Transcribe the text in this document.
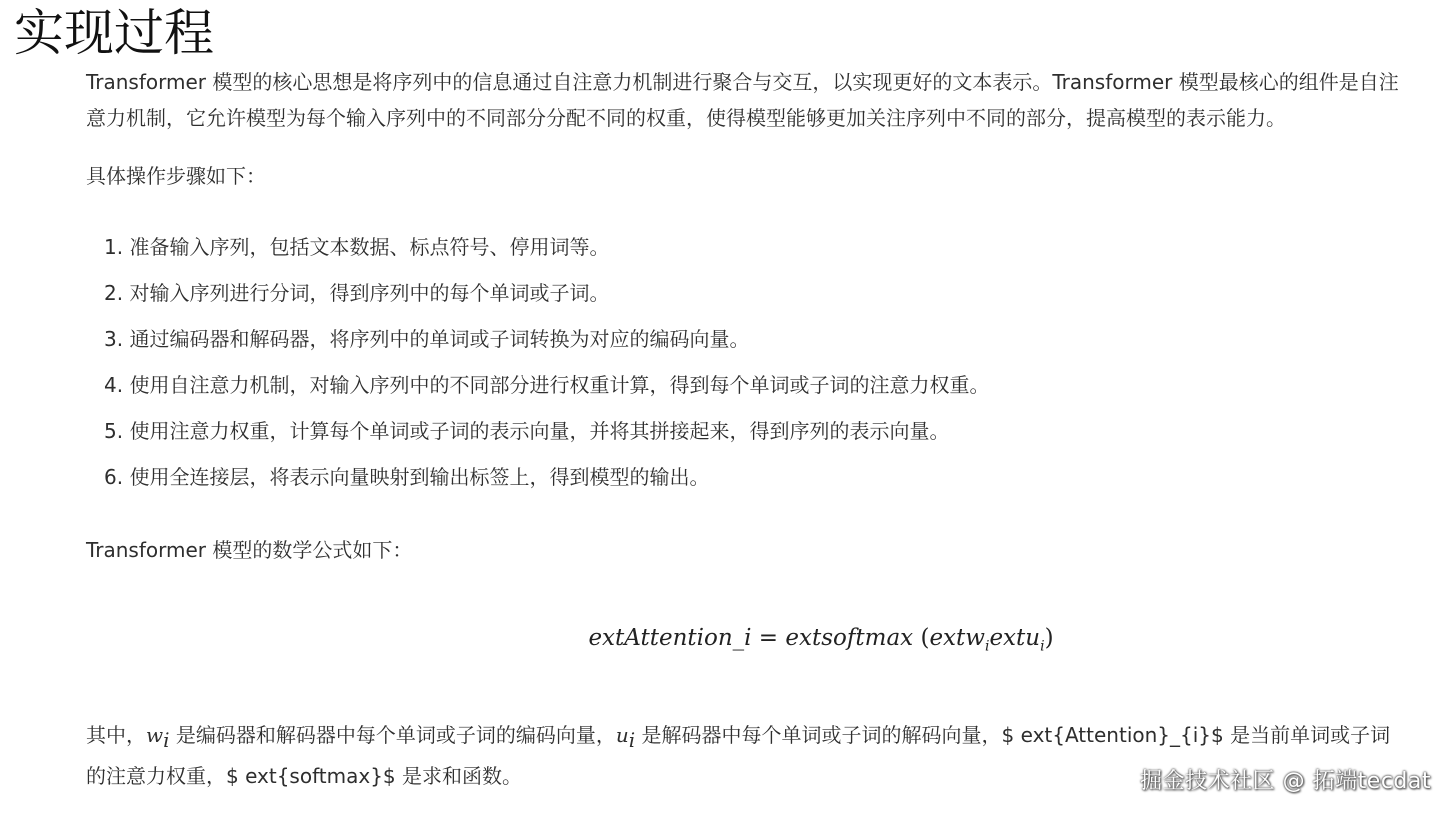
实现过程

Transformer 模型的核心思想是将序列中的信息通过自注意力机制进行聚合与交互，以实现更好的文本表示。Transformer 模型最核心的组件是自注意力机制，它允许模型为每个输入序列中的不同部分分配不同的权重，使得模型能够更加关注序列中不同的部分，提高模型的表示能力。

具体操作步骤如下：

1. 准备输入序列，包括文本数据、标点符号、停用词等。
2. 对输入序列进行分词，得到序列中的每个单词或子词。
3. 通过编码器和解码器，将序列中的单词或子词转换为对应的编码向量。
4. 使用自注意力机制，对输入序列中的不同部分进行权重计算，得到每个单词或子词的注意力权重。
5. 使用注意力权重，计算每个单词或子词的表示向量，并将其拼接起来，得到序列的表示向量。
6. 使用全连接层，将表示向量映射到输出标签上，得到模型的输出。

Transformer 模型的数学公式如下：

extAttention_i = extsoftmax (extw$_i$extu$_i$)

其中，$w_i$ 是编码器和解码器中每个单词或子词的编码向量，$u_i$ 是解码器中每个单词或子词的解码向量，$ ext{Attention}_{i}$ 是当前单词或子词的注意力权重，$ ext{softmax}$ 是求和函数。	掘金技术社区 @ 拓端tecdat
